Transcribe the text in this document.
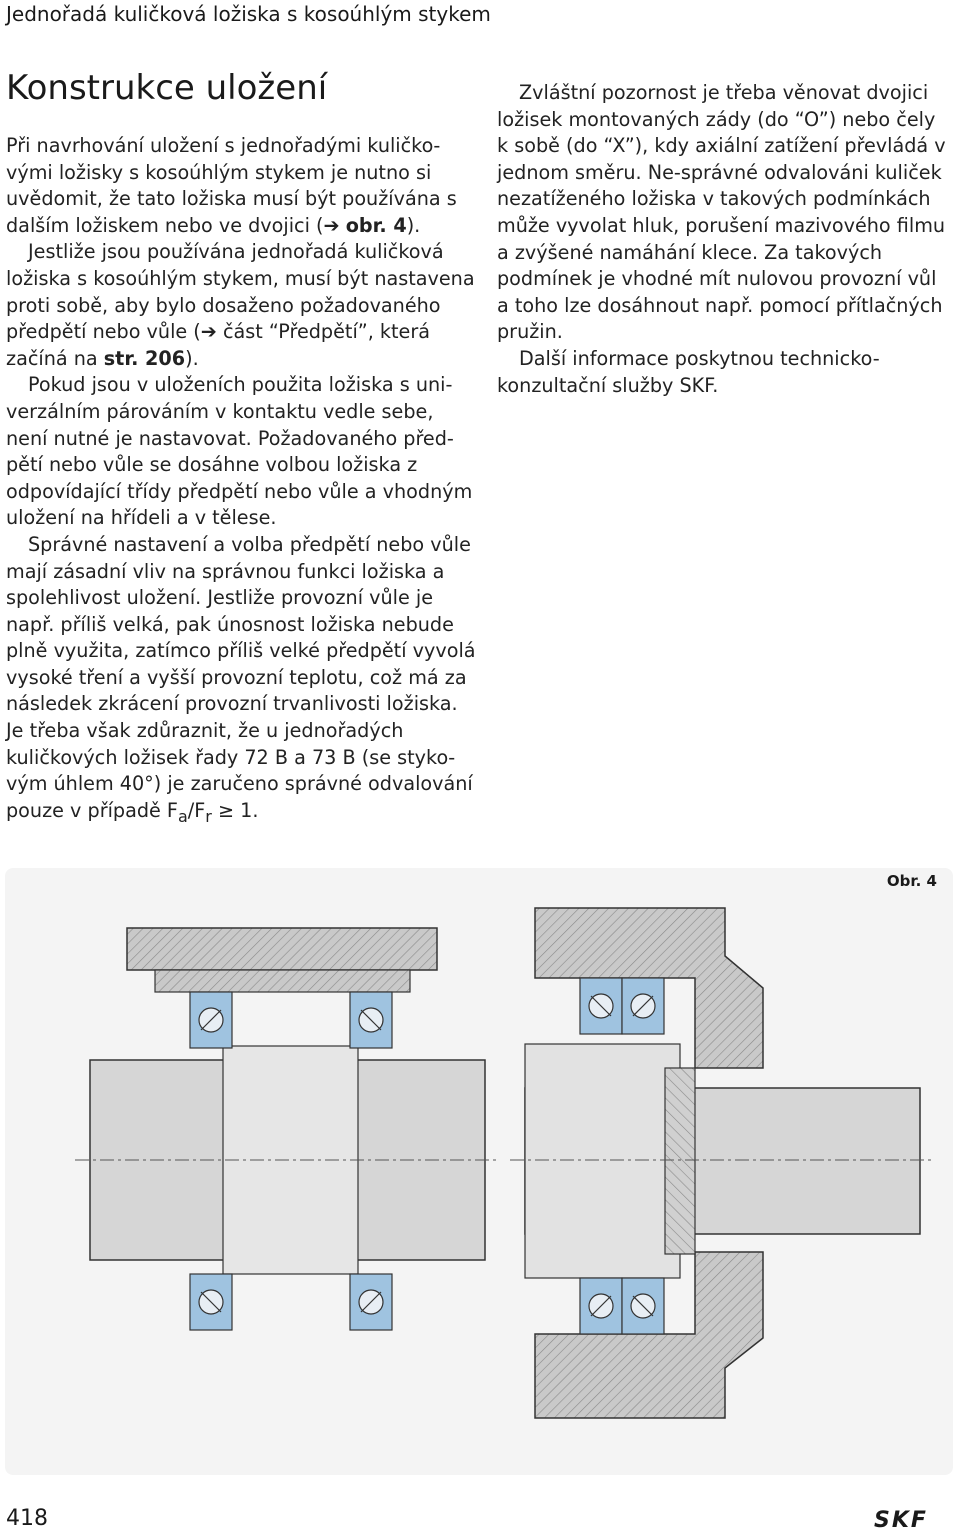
Jednořadá kuličková ložiska s kosoúhlým stykem
Konstrukce uložení

Při navrhování uložení s jednořadými kuličkovými ložisky s kosoúhlým stykem je nutno si uvědomit, že tato ložiska musí být používána s dalším ložiskem nebo ve dvojici (➔ obr. 4).

Jestliže jsou používána jednořadá kuličková ložiska s kosoúhlým stykem, musí být nastavena proti sobě, aby bylo dosaženo požadovaného předpětí nebo vůle (➔ část “Předpětí”, která začíná na str. 206).

Pokud jsou v uloženích použita ložiska s univerzálním párováním v kontaktu vedle sebe, není nutné je nastavovat. Požadovaného předpětí nebo vůle se dosáhne volbou ložiska z odpovídající třídy předpětí nebo vůle a vhodným uložení na hřídeli a v tělese.

Správné nastavení a volba předpětí nebo vůle mají zásadní vliv na správnou funkci ložiska a spolehlivost uložení. Jestliže provozní vůle je např. příliš velká, pak únosnost ložiska nebude plně využita, zatímco příliš velké předpětí vyvolá vysoké tření a vyšší provozní teplotu, což má za následek zkrácení provozní trvanlivosti ložiska. Je třeba však zdůraznit, že u jednořadých kuličkových ložisek řady 72 B a 73 B (se stykovým úhlem 40°) je zaručeno správné odvalování pouze v případě $F_a/F_r \ge 1$.

Zvláštní pozornost je třeba věnovat dvojici ložisek montovaných zády (do “O”) nebo čely k sobě (do “X”), kdy axiální zatížení převládá v jednom směru. Ne-správné odvalováni kuliček nezatíženého ložiska v takových podmínkách může vyvolat hluk, porušení mazivového filmu a zvýšené namáhání klece. Za takových podmínek je vhodné mít nulovou provozní vůl a toho lze dosáhnout např. pomocí přítlačných pružin.

Další informace poskytnou technicko-konzultační služby SKF.

Obr. 4
418	SKF
